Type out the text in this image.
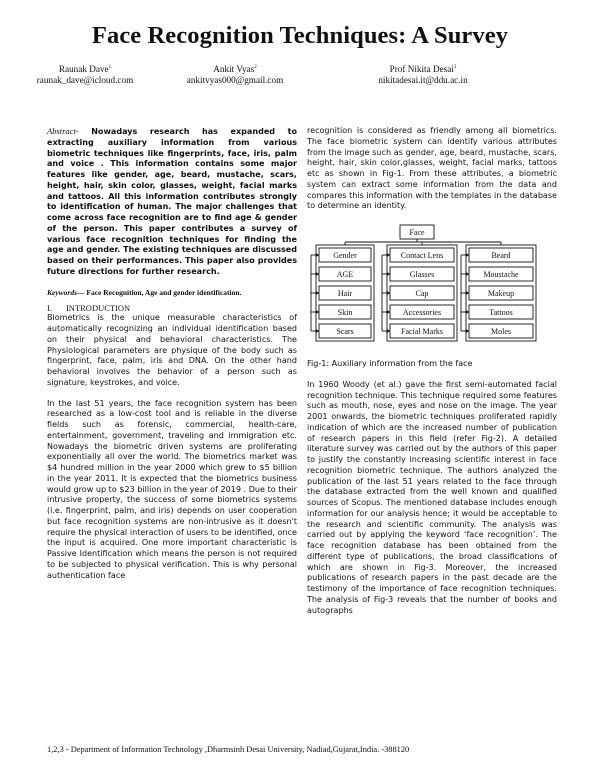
Face Recognition Techniques: A Survey
Raunak Dave$^1$
raunak_dave@icloud.com
Ankit Vyas$^2$
ankitvyas000@gmail.com
Prof Nikita Desai$^3$
nikitadesai.it@ddu.ac.in

Abstract- Nowadays research has expanded to extracting auxiliary information from various biometric techniques like fingerprints, face, iris, palm and voice . This information contains some major features like gender, age, beard, mustache, scars, height, hair, skin color, glasses, weight, facial marks and tattoos. All this information contributes strongly to identification of human. The major challenges that come across face recognition are to find age & gender of the person. This paper contributes a survey of various face recognition techniques for finding the age and gender. The existing techniques are discussed based on their performances. This paper also provides future directions for further research.

Keywords— Face Recognition, Age and gender identification.

I. INTRODUCTION

Biometrics is the unique measurable characteristics of automatically recognizing an individual identification based on their physical and behavioral characteristics. The Physiological parameters are physique of the body such as fingerprint, face, palm, iris and DNA. On the other hand behavioral involves the behavior of a person such as signature, keystrokes, and voice.

In the last 51 years, the face recognition system has been researched as a low-cost tool and is reliable in the diverse fields such as forensic, commercial, health-care, entertainment, government, traveling and immigration etc. Nowadays the biometric driven systems are proliferating exponentially all over the world. The biometrics market was $4 hundred million in the year 2000 which grew to $5 billion in the year 2011. It is expected that the biometrics business would grow up to $23 billion in the year of 2019 . Due to their intrusive property, the success of some biometrics systems (i.e. fingerprint, palm, and iris) depends on user cooperation but face recognition systems are non-intrusive as it doesn't require the physical interaction of users to be identified, once the input is acquired. One more important characteristic is Passive Identification which means the person is not required to be subjected to physical verification. This is why personal authentication face

recognition is considered as friendly among all biometrics. The face biometric system can identify various attributes from the image such as gender, age, beard, mustache, scars, height, hair, skin color,glasses, weight, facial marks, tattoos etc as shown in Fig-1. From these attributes, a biometric system can extract some information from the data and compares this information with the templates in the database to determine an identity.

Face
Gender
AGE
Hair
Skin
Scars
Contact Lens
Glasses
Cap
Accessories
Facial Marks
Beard
Moustache
Makeup
Tattoos
Moles

Fig-1: Auxiliary information from the face

In 1960 Woody (et al.) gave the first semi-automated facial recognition technique. This technique required some features such as mouth, nose, eyes and nose on the image. The year 2001 onwards, the biometric techniques proliferated rapidly indication of which are the increased number of publication of research papers in this field (refer Fig-2). A detailed literature survey was carried out by the authors of this paper to justify the constantly increasing scientific interest in face recognition biometric technique. The authors analyzed the publication of the last 51 years related to the face through the database extracted from the well known and qualified sources of Scopus. The mentioned database includes enough information for our analysis hence; it would be acceptable to the research and scientific community. The analysis was carried out by applying the keyword ‘face recognition’. The face recognition database has been obtained from the different type of publications, the broad classifications of which are shown in Fig-3. Moreover, the increased publications of research papers in the past decade are the testimony of the importance of face recognition techniques. The analysis of Fig-3 reveals that the number of books and autographs

1,2,3 - Department of Information Technology ,Dharmsinh Desai University, Nadiad,Gujarat,India. -388120
